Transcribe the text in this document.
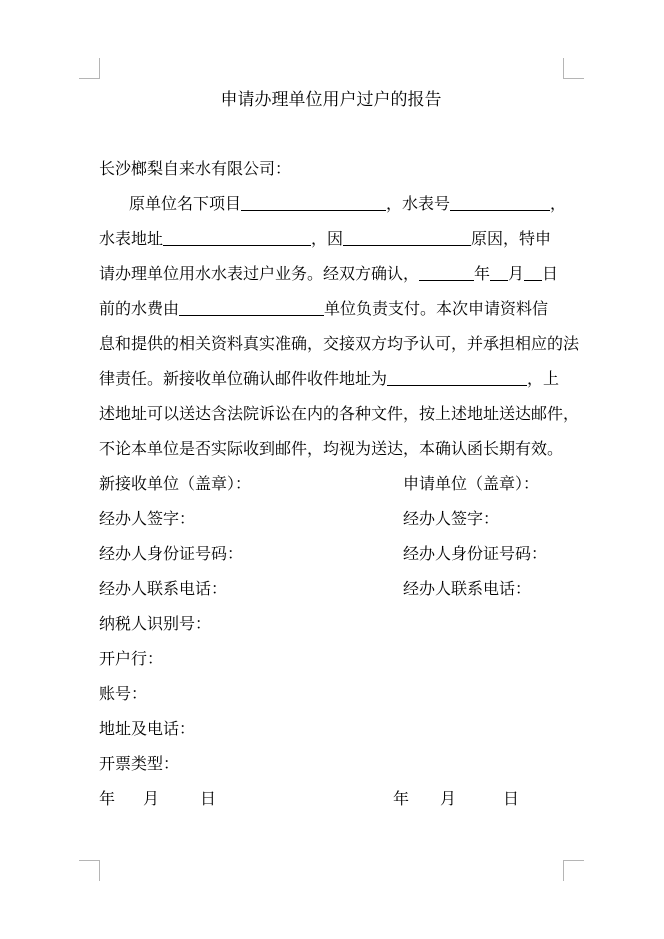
申请办理单位用户过户的报告
长沙榔梨自来水有限公司：
原单位名下项目	，水表号	，
水表地址	，因	原因，特申
请办理单位用水水表过户业务。经双方确认，	年 月 日
前的水费由	单位负责支付。本次申请资料信
息和提供的相关资料真实准确，交接双方均予认可，并承担相应的法
律责任。新接收单位确认邮件收件地址为	，上
述地址可以送达含法院诉讼在内的各种文件，按上述地址送达邮件，
不论本单位是否实际收到邮件，均视为送达，本确认函长期有效。
新接收单位（盖章）：	申请单位（盖章）：
经办人签字：	经办人签字：
经办人身份证号码：	经办人身份证号码：
经办人联系电话：	经办人联系电话：
纳税人识别号：
开户行：
账号：
地址及电话：
开票类型：
年 月	日	年 月	日
